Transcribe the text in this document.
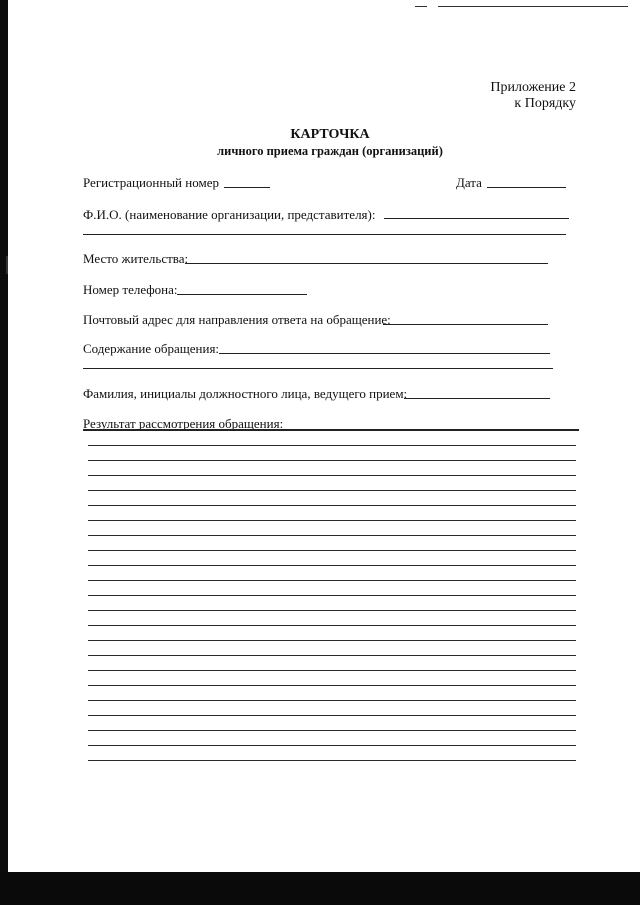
Приложение 2
к Порядку
КАРТОЧКА
личного приема граждан (организаций)
Регистрационный номер	Дата
Ф.И.О. (наименование организации, представителя):
Место жительства:
Номер телефона:
Почтовый адрес для направления ответа на обращение:
Содержание обращения:
Фамилия, инициалы должностного лица, ведущего прием:
Результат рассмотрения обращения:
